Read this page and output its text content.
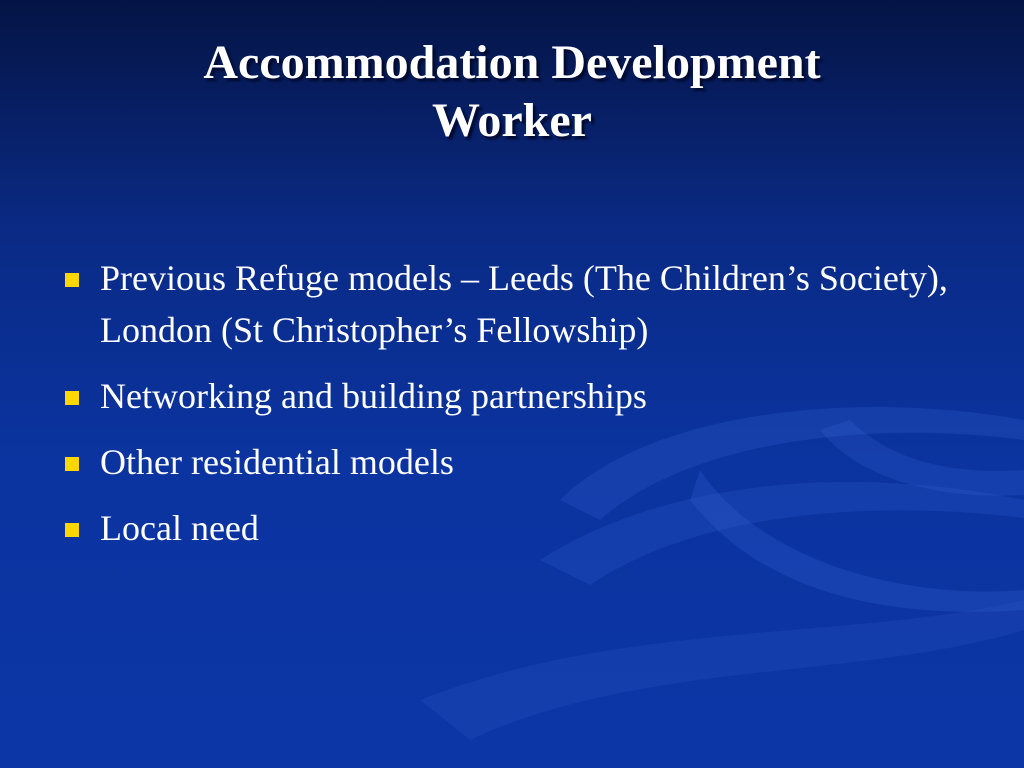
Accommodation Development
Worker
Previous Refuge models – Leeds (The Children’s Society), London (St Christopher’s Fellowship)
Networking and building partnerships
Other residential models
Local need
